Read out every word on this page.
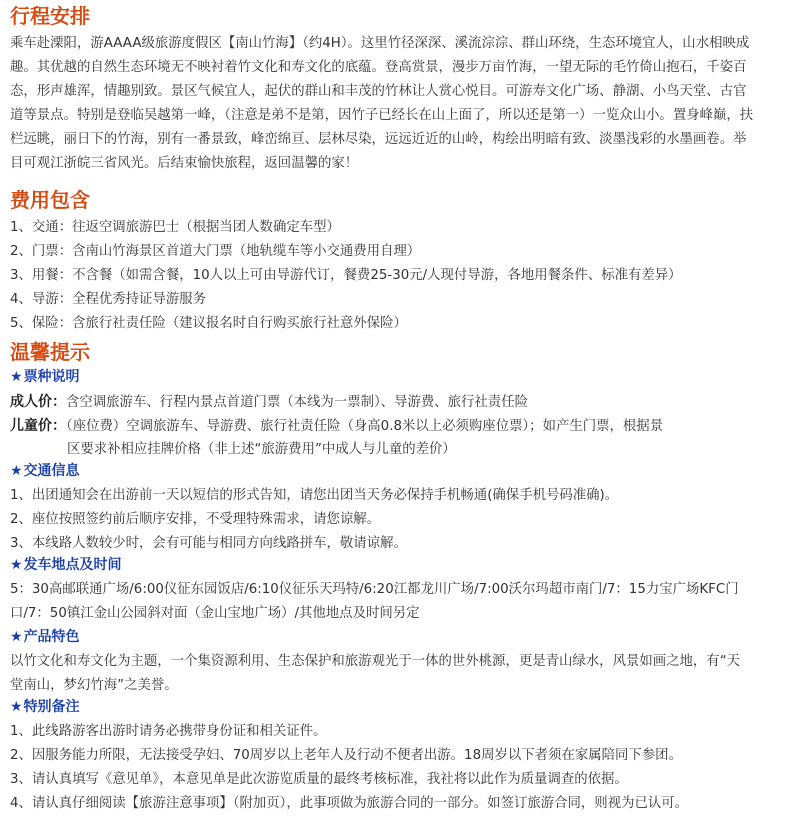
行程安排
乘车赴溧阳，游AAAA级旅游度假区【南山竹海】（约4H）。这里竹径深深、溪流淙淙、群山环绕，生态环境宜人，山水相映成
趣。其优越的自然生态环境无不映衬着竹文化和寿文化的底蕴。登高赏景，漫步万亩竹海，一望无际的毛竹倚山抱石，千姿百
态，形声雄浑，情趣别致。景区气候宜人，起伏的群山和丰茂的竹林让人赏心悦目。可游寿文化广场、静湖、小鸟天堂、古官
道等景点。特别是登临吴越第一峰，（注意是弟不是第，因竹子已经长在山上面了，所以还是第一）一览众山小。置身峰巅，扶
栏远眺，丽日下的竹海，别有一番景致，峰峦绵亘、层林尽染，远远近近的山岭，构绘出明暗有致、淡墨浅彩的水墨画卷。举
目可观江浙皖三省风光。后结束愉快旅程，返回温馨的家！
费用包含
1、交通：往返空调旅游巴士（根据当团人数确定车型）
2、门票：含南山竹海景区首道大门票（地轨缆车等小交通费用自理）
3、用餐：不含餐（如需含餐，10人以上可由导游代订，餐费25-30元/人现付导游，各地用餐条件、标准有差异）
4、导游：全程优秀持证导游服务
5、保险：含旅行社责任险（建议报名时自行购买旅行社意外保险）
温馨提示
★票种说明
成人价：含空调旅游车、行程内景点首道门票（本线为一票制）、导游费、旅行社责任险
儿童价：（座位费）空调旅游车、导游费、旅行社责任险（身高0.8米以上必须购座位票）；如产生门票，根据景
区要求补相应挂牌价格（非上述“旅游费用”中成人与儿童的差价）
★交通信息
1、出团通知会在出游前一天以短信的形式告知，请您出团当天务必保持手机畅通(确保手机号码准确)。
2、座位按照签约前后顺序安排，不受理特殊需求，请您谅解。
3、本线路人数较少时，会有可能与相同方向线路拼车，敬请谅解。
★发车地点及时间
5：30高邮联通广场/6:00仪征东园饭店/6:10仪征乐天玛特/6:20江都龙川广场/7:00沃尔玛超市南门/7：15力宝广场KFC门
口/7：50镇江金山公园斜对面（金山宝地广场）/其他地点及时间另定
★产品特色
以竹文化和寿文化为主题，一个集资源利用、生态保护和旅游观光于一体的世外桃源，更是青山绿水，风景如画之地，有“天
堂南山，梦幻竹海”之美誉。
★特别备注
1、此线路游客出游时请务必携带身份证和相关证件。
2、因服务能力所限，无法接受孕妇、70周岁以上老年人及行动不便者出游。18周岁以下者须在家属陪同下参团。
3、请认真填写《意见单》，本意见单是此次游览质量的最终考核标准，我社将以此作为质量调查的依据。
4、请认真仔细阅读【旅游注意事项】（附加页），此事项做为旅游合同的一部分。如签订旅游合同，则视为已认可。
